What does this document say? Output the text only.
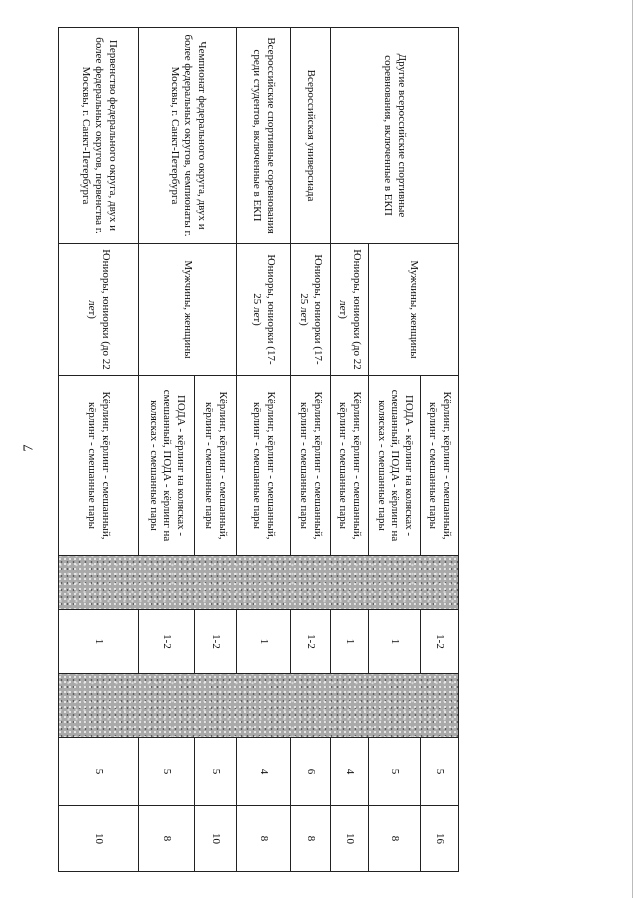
7
Другие всероссийские спортивные соревнования, включенные в ЕКП	Мужчины, женщины	Кёрлинг, кёрлинг - смешанный, кёрлинг - смешанные пары		1-2		5	16
		ПОДА - кёрлинг на колясках - смешанный, ПОДА - кёрлинг на колясках - смешанные пары		1		5	8
	Юниоры, юниорки (до 22 лет)	Кёрлинг, кёрлинг - смешанный, кёрлинг - смешанные пары		1		4	10
Всероссийская универсиада	Юниоры, юниорки (17-25 лет)	Кёрлинг, кёрлинг - смешанный, кёрлинг - смешанные пары		1-2		6	8
Всероссийские спортивные соревнования среди студентов, включенные в ЕКП	Юниоры, юниорки (17-25 лет)	Кёрлинг, кёрлинг - смешанный, кёрлинг - смешанные пары		1		4	8
Чемпионат федерального округа, двух и более федеральных округов, чемпионаты г. Москвы, г. Санкт-Петербурга	Мужчины, женщины	Кёрлинг, кёрлинг - смешанный, кёрлинг - смешанные пары		1-2		5	10
		ПОДА - кёрлинг на колясках - смешанный, ПОДА - кёрлинг на колясках - смешанные пары		1-2		5	8
Первенство федерального округа, двух и более федеральных округов, первенства г. Москвы, г. Санкт-Петербурга	Юниоры, юниорки (до 22 лет)	Кёрлинг, кёрлинг - смешанный, кёрлинг - смешанные пары		1		5	10
